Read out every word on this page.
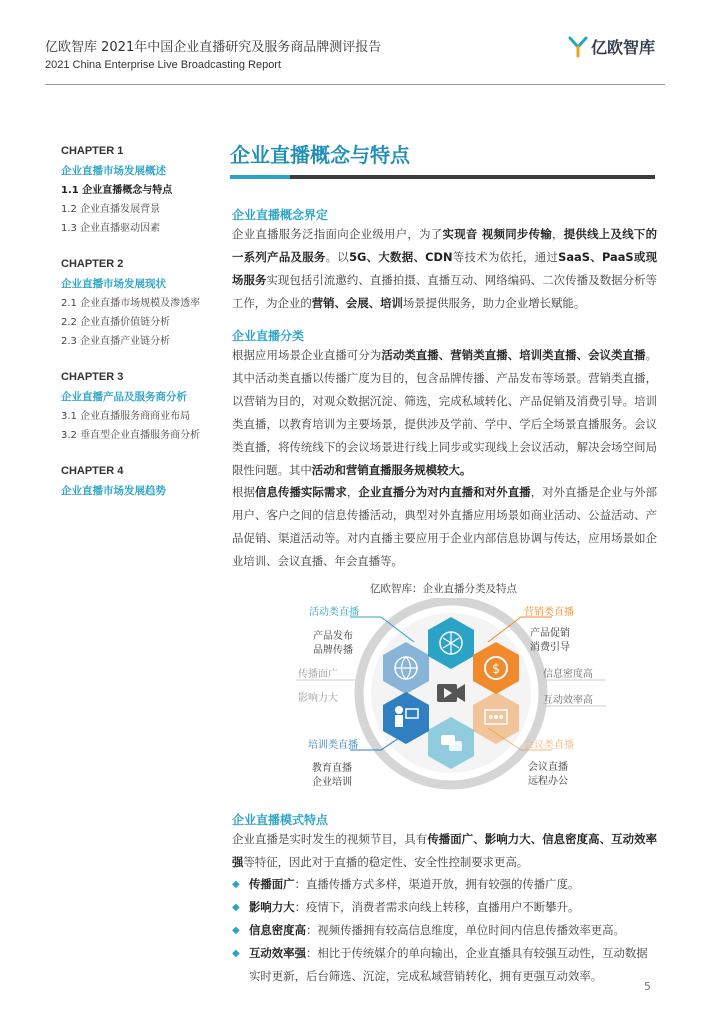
亿欧智库 2021年中国企业直播研究及服务商品牌测评报告
2021 China Enterprise Live Broadcasting Report
亿欧智库
CHAPTER 1
企业直播市场发展概述
1.1 企业直播概念与特点
1.2 企业直播发展背景
1.3 企业直播驱动因素
CHAPTER 2
企业直播市场发展现状
2.1 企业直播市场规模及渗透率
2.2 企业直播价值链分析
2.3 企业直播产业链分析
CHAPTER 3
企业直播产品及服务商分析
3.1 企业直播服务商商业布局
3.2 垂直型企业直播服务商分析
CHAPTER 4
企业直播市场发展趋势
企业直播概念与特点
企业直播概念界定
企业直播服务泛指面向企业级用户，为了实现音 视频同步传输，提供线上及线下的一系列产品及服务。以5G、大数据、CDN等技术为依托，通过SaaS、PaaS或现场服务实现包括引流邀约、直播拍摄、直播互动、网络编码、二次传播及数据分析等工作，为企业的营销、会展、培训场景提供服务，助力企业增长赋能。
企业直播分类
根据应用场景企业直播可分为活动类直播、营销类直播、培训类直播、会议类直播。其中活动类直播以传播广度为目的，包含品牌传播、产品发布等场景。营销类直播，以营销为目的，对观众数据沉淀、筛选，完成私域转化、产品促销及消费引导。培训类直播，以教育培训为主要场景，提供涉及学前、学中、学后全场景直播服务。会议类直播，将传统线下的会议场景进行线上同步或实现线上会议活动，解决会场空间局限性问题。其中活动和营销直播服务规模较大。
根据信息传播实际需求，企业直播分为对内直播和对外直播，对外直播是企业与外部用户、客户之间的信息传播活动，典型对外直播应用场景如商业活动、公益活动、产品促销、渠道活动等。对内直播主要应用于企业内部信息协调与传达，应用场景如企业培训、会议直播、年会直播等。
亿欧智库：企业直播分类及特点
$
活动类直播
产品发布
品牌传播
营销类直播
产品促销
消费引导
传播面广
影响力大
信息密度高
互动效率高
培训类直播
教育直播
企业培训
会议类直播
会议直播
远程办公
企业直播模式特点
企业直播是实时发生的视频节目，具有传播面广、影响力大、信息密度高、互动效率强等特征，因此对于直播的稳定性、安全性控制要求更高。
◆ 传播面广：直播传播方式多样，渠道开放，拥有较强的传播广度。
◆ 影响力大：疫情下，消费者需求向线上转移，直播用户不断攀升。
◆ 信息密度高：视频传播拥有较高信息维度，单位时间内信息传播效率更高。
◆ 互动效率强：相比于传统媒介的单向输出，企业直播具有较强互动性，互动数据实时更新，后台筛选、沉淀，完成私域营销转化，拥有更强互动效率。
5
